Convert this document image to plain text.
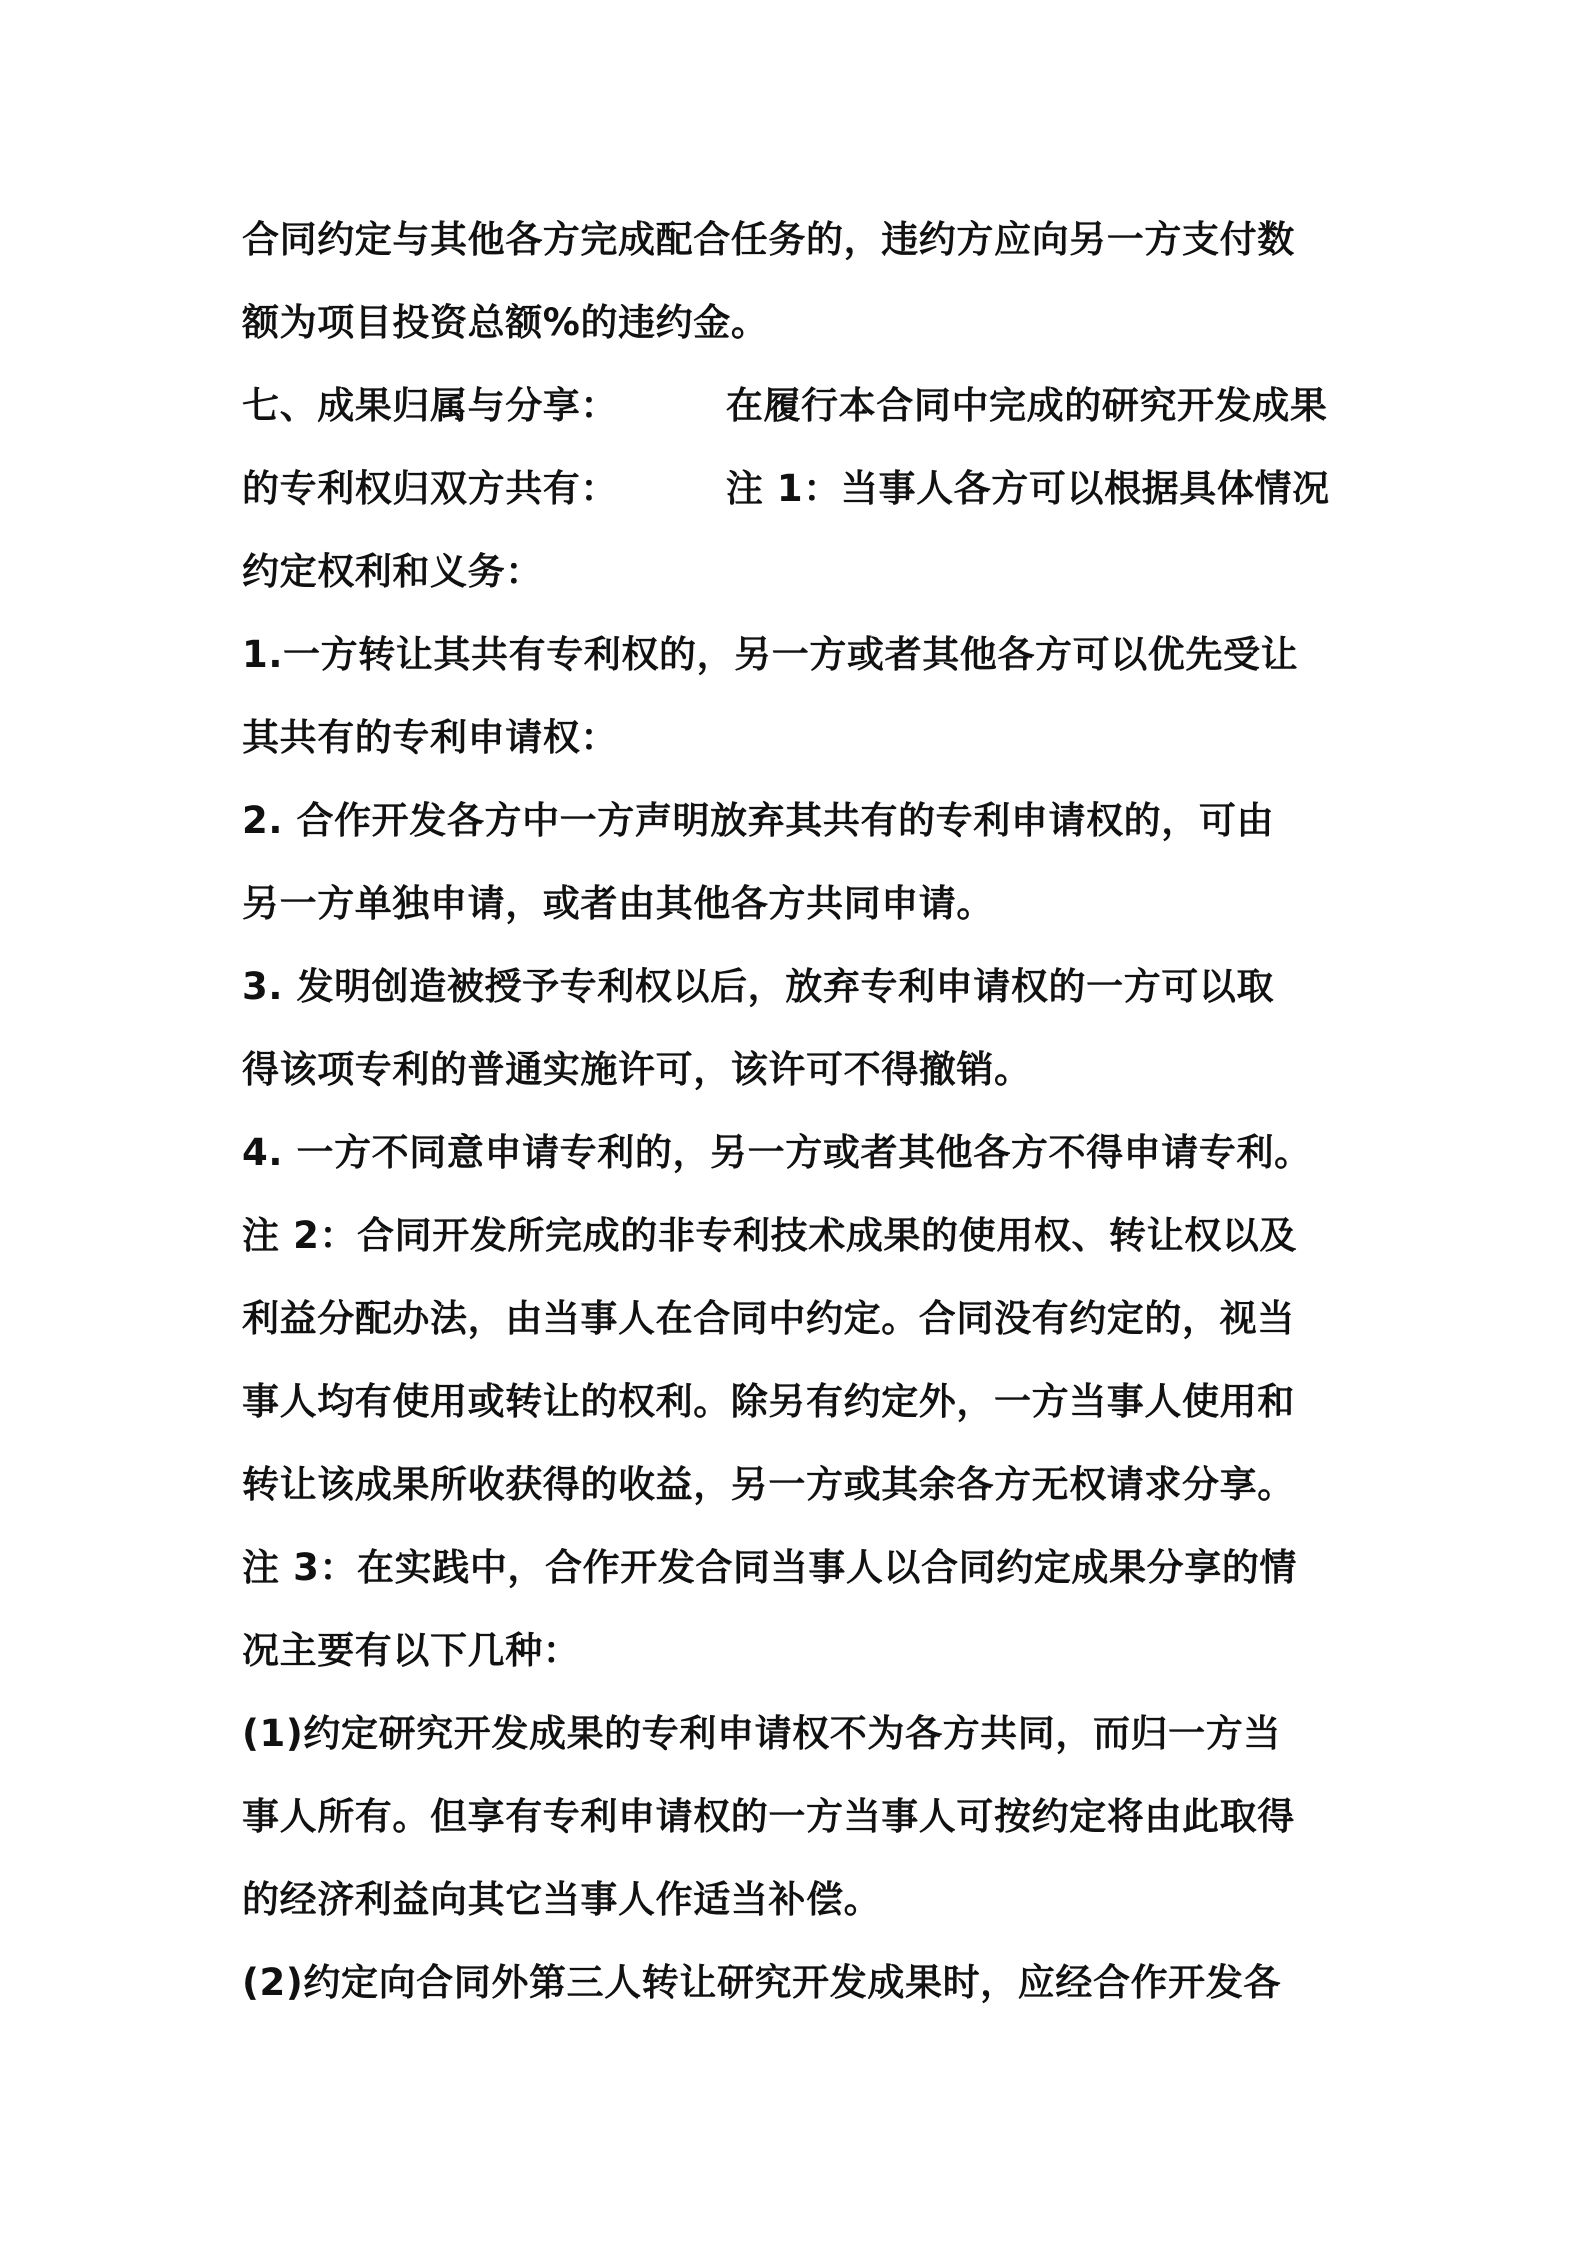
合同约定与其他各方完成配合任务的，违约方应向另一方支付数
额为项目投资总额%的违约金。
七、成果归属与分享：        在履行本合同中完成的研究开发成果
的专利权归双方共有：        注 1：当事人各方可以根据具体情况
约定权利和义务：
1.一方转让其共有专利权的，另一方或者其他各方可以优先受让
其共有的专利申请权：
2. 合作开发各方中一方声明放弃其共有的专利申请权的，可由
另一方单独申请，或者由其他各方共同申请。
3. 发明创造被授予专利权以后，放弃专利申请权的一方可以取
得该项专利的普通实施许可，该许可不得撤销。
4. 一方不同意申请专利的，另一方或者其他各方不得申请专利。
注 2：合同开发所完成的非专利技术成果的使用权、转让权以及
利益分配办法，由当事人在合同中约定。合同没有约定的，视当
事人均有使用或转让的权利。除另有约定外，一方当事人使用和
转让该成果所收获得的收益，另一方或其余各方无权请求分享。
注 3：在实践中，合作开发合同当事人以合同约定成果分享的情
况主要有以下几种：
(1)约定研究开发成果的专利申请权不为各方共同，而归一方当
事人所有。但享有专利申请权的一方当事人可按约定将由此取得
的经济利益向其它当事人作适当补偿。
(2)约定向合同外第三人转让研究开发成果时，应经合作开发各
